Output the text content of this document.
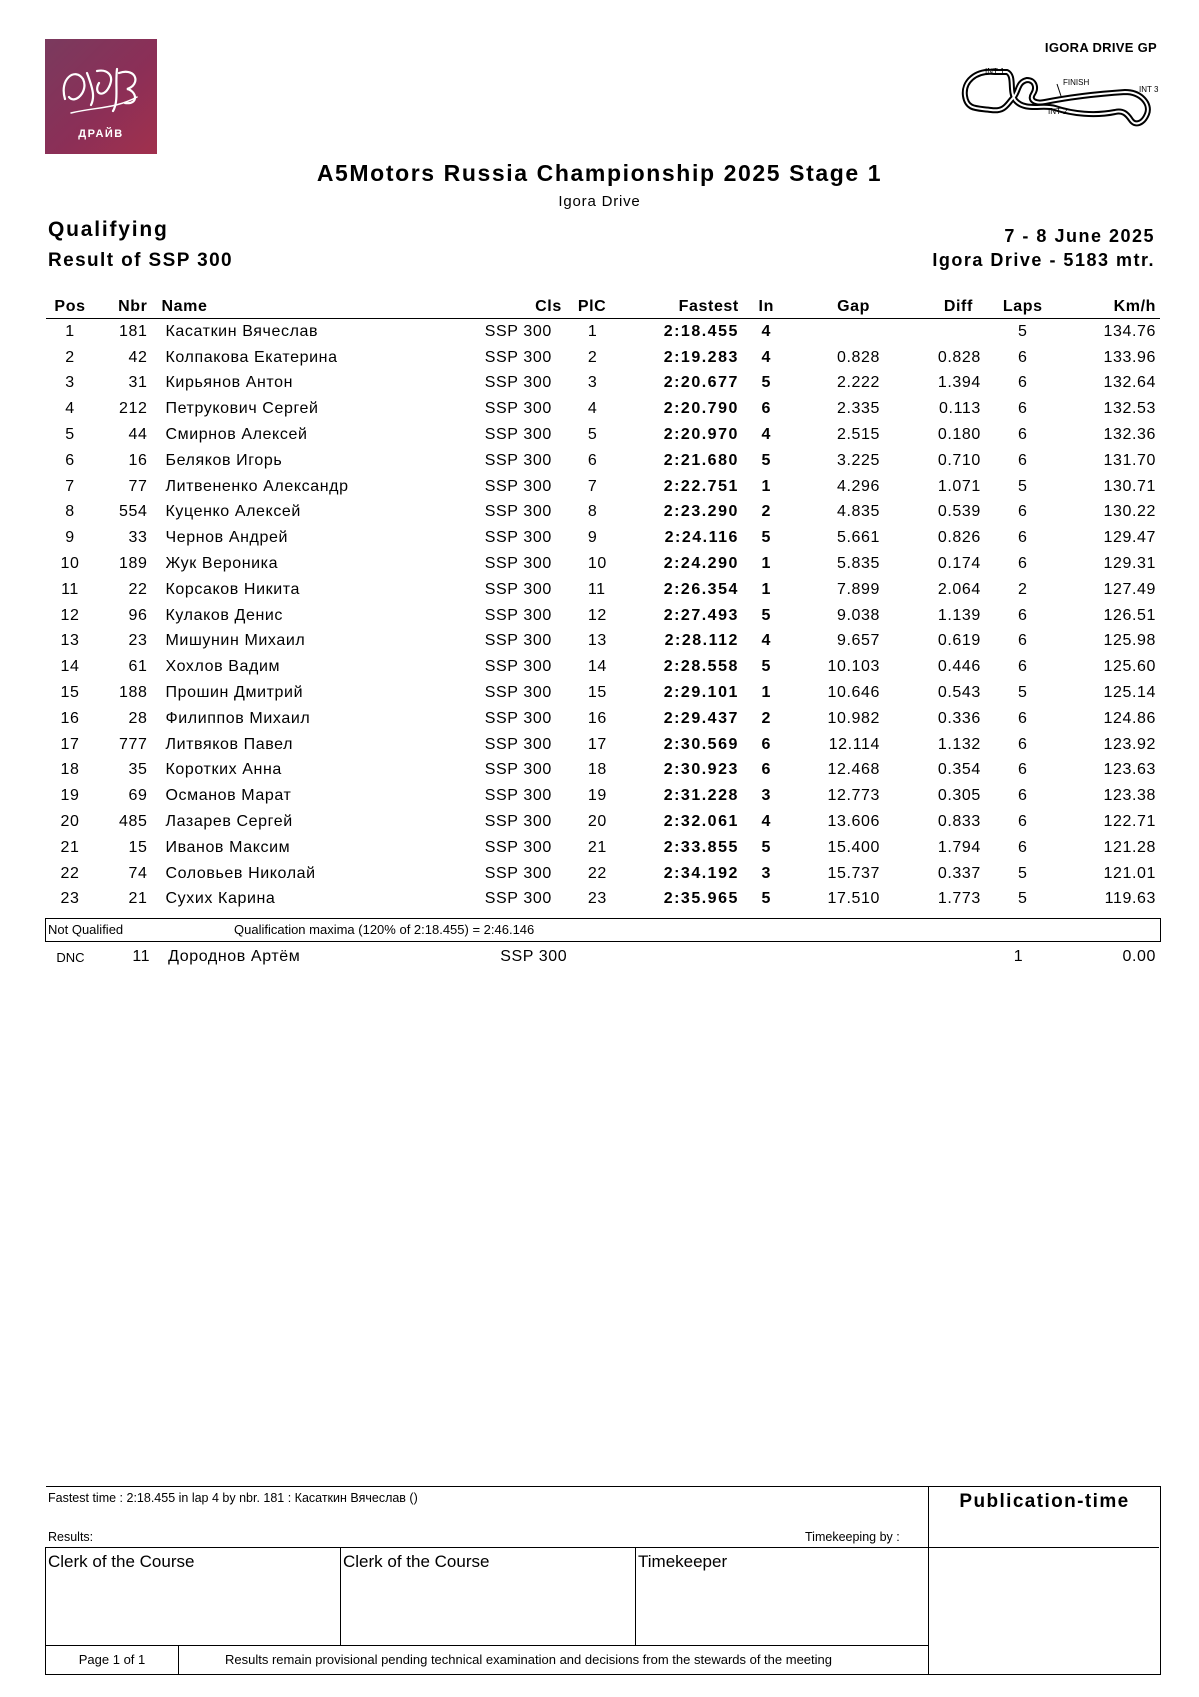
ДРАЙВ
IGORA DRIVE GP
INT 1
FINISH
INT 2
INT 3
A5Motors Russia Championship 2025 Stage 1
Igora Drive
Qualifying
Result of SSP 300
7 - 8 June 2025
Igora Drive - 5183 mtr.
Pos	Nbr	Name	Cls	PlC	Fastest	In	Gap	Diff	Laps	Km/h
1	181	Касаткин Вячеслав	SSP 300	1	2:18.455	4			5	134.76
2	42	Колпакова Екатерина	SSP 300	2	2:19.283	4	0.828	0.828	6	133.96
3	31	Кирьянов Антон	SSP 300	3	2:20.677	5	2.222	1.394	6	132.64
4	212	Петрукович Сергей	SSP 300	4	2:20.790	6	2.335	0.113	6	132.53
5	44	Смирнов Алексей	SSP 300	5	2:20.970	4	2.515	0.180	6	132.36
6	16	Беляков Игорь	SSP 300	6	2:21.680	5	3.225	0.710	6	131.70
7	77	Литвененко Александр	SSP 300	7	2:22.751	1	4.296	1.071	5	130.71
8	554	Куценко Алексей	SSP 300	8	2:23.290	2	4.835	0.539	6	130.22
9	33	Чернов Андрей	SSP 300	9	2:24.116	5	5.661	0.826	6	129.47
10	189	Жук Вероника	SSP 300	10	2:24.290	1	5.835	0.174	6	129.31
11	22	Корсаков Никита	SSP 300	11	2:26.354	1	7.899	2.064	2	127.49
12	96	Кулаков Денис	SSP 300	12	2:27.493	5	9.038	1.139	6	126.51
13	23	Мишунин Михаил	SSP 300	13	2:28.112	4	9.657	0.619	6	125.98
14	61	Хохлов Вадим	SSP 300	14	2:28.558	5	10.103	0.446	6	125.60
15	188	Прошин Дмитрий	SSP 300	15	2:29.101	1	10.646	0.543	5	125.14
16	28	Филиппов Михаил	SSP 300	16	2:29.437	2	10.982	0.336	6	124.86
17	777	Литвяков Павел	SSP 300	17	2:30.569	6	12.114	1.132	6	123.92
18	35	Коротких Анна	SSP 300	18	2:30.923	6	12.468	0.354	6	123.63
19	69	Османов Марат	SSP 300	19	2:31.228	3	12.773	0.305	6	123.38
20	485	Лазарев Сергей	SSP 300	20	2:32.061	4	13.606	0.833	6	122.71
21	15	Иванов Максим	SSP 300	21	2:33.855	5	15.400	1.794	6	121.28
22	74	Соловьев Николай	SSP 300	22	2:34.192	3	15.737	0.337	5	121.01
23	21	Сухих Карина	SSP 300	23	2:35.965	5	17.510	1.773	5	119.63
Not Qualified	Qualification maxima (120% of 2:18.455) = 2:46.146
DNC	11	Дороднов Артём	SSP 300						1	0.00
Fastest time : 2:18.455 in lap 4 by nbr. 181 : Касаткин Вячеслав ()
Results:	Timekeeping by :
Publication-time
Clerk of the Course	Clerk of the Course	Timekeeper
Page 1 of 1	Results remain provisional pending technical examination and decisions from the stewards of the meeting
